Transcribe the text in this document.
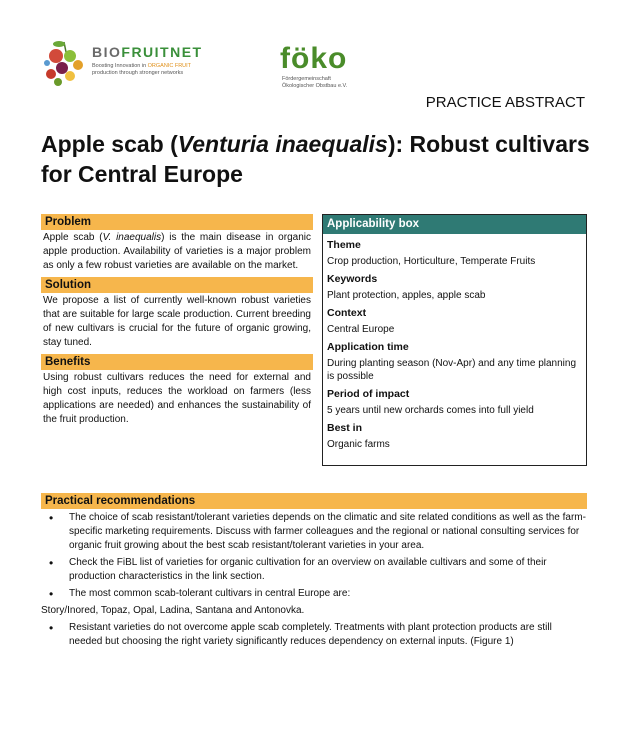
BIOFRUITNET
Boosting Innovation in ORGANIC FRUIT
production through stronger networks	föko
Fördergemeinschaft
Ökologischer Obstbau e.V.
PRACTICE ABSTRACT
Apple scab (Venturia inaequalis): Robust cultivars for Central Europe
Problem
Apple scab (V. inaequalis) is the main disease in organic apple production. Availability of varieties is a major problem as only a few robust varieties are available on the market.
Solution
We propose a list of currently well-known robust varieties that are suitable for large scale production. Current breeding of new cultivars is crucial for the future of organic growing, stay tuned.
Benefits
Using robust cultivars reduces the need for external and high cost inputs, reduces the workload on farmers (less applications are needed) and enhances the sustainability of the fruit production.
Applicability box
Theme
Crop production, Horticulture, Temperate Fruits
Keywords
Plant protection, apples, apple scab
Context
Central Europe
Application time
During planting season (Nov-Apr) and any time planning is possible
Period of impact
5 years until new orchards comes into full yield
Best in
Organic farms
Practical recommendations
• The choice of scab resistant/tolerant varieties depends on the climatic and site related conditions as well as the farm-specific marketing requirements. Discuss with farmer colleagues and the regional or national consulting services for organic fruit growing about the best scab resistant/tolerant varieties in your area.
• Check the FiBL list of varieties for organic cultivation for an overview on available cultivars and some of their production characteristics in the link section.
• The most common scab-tolerant cultivars in central Europe are:
Story/Inored, Topaz, Opal, Ladina, Santana and Antonovka.
• Resistant varieties do not overcome apple scab completely. Treatments with plant protection products are still needed but choosing the right variety significantly reduces dependency on external inputs. (Figure 1)
